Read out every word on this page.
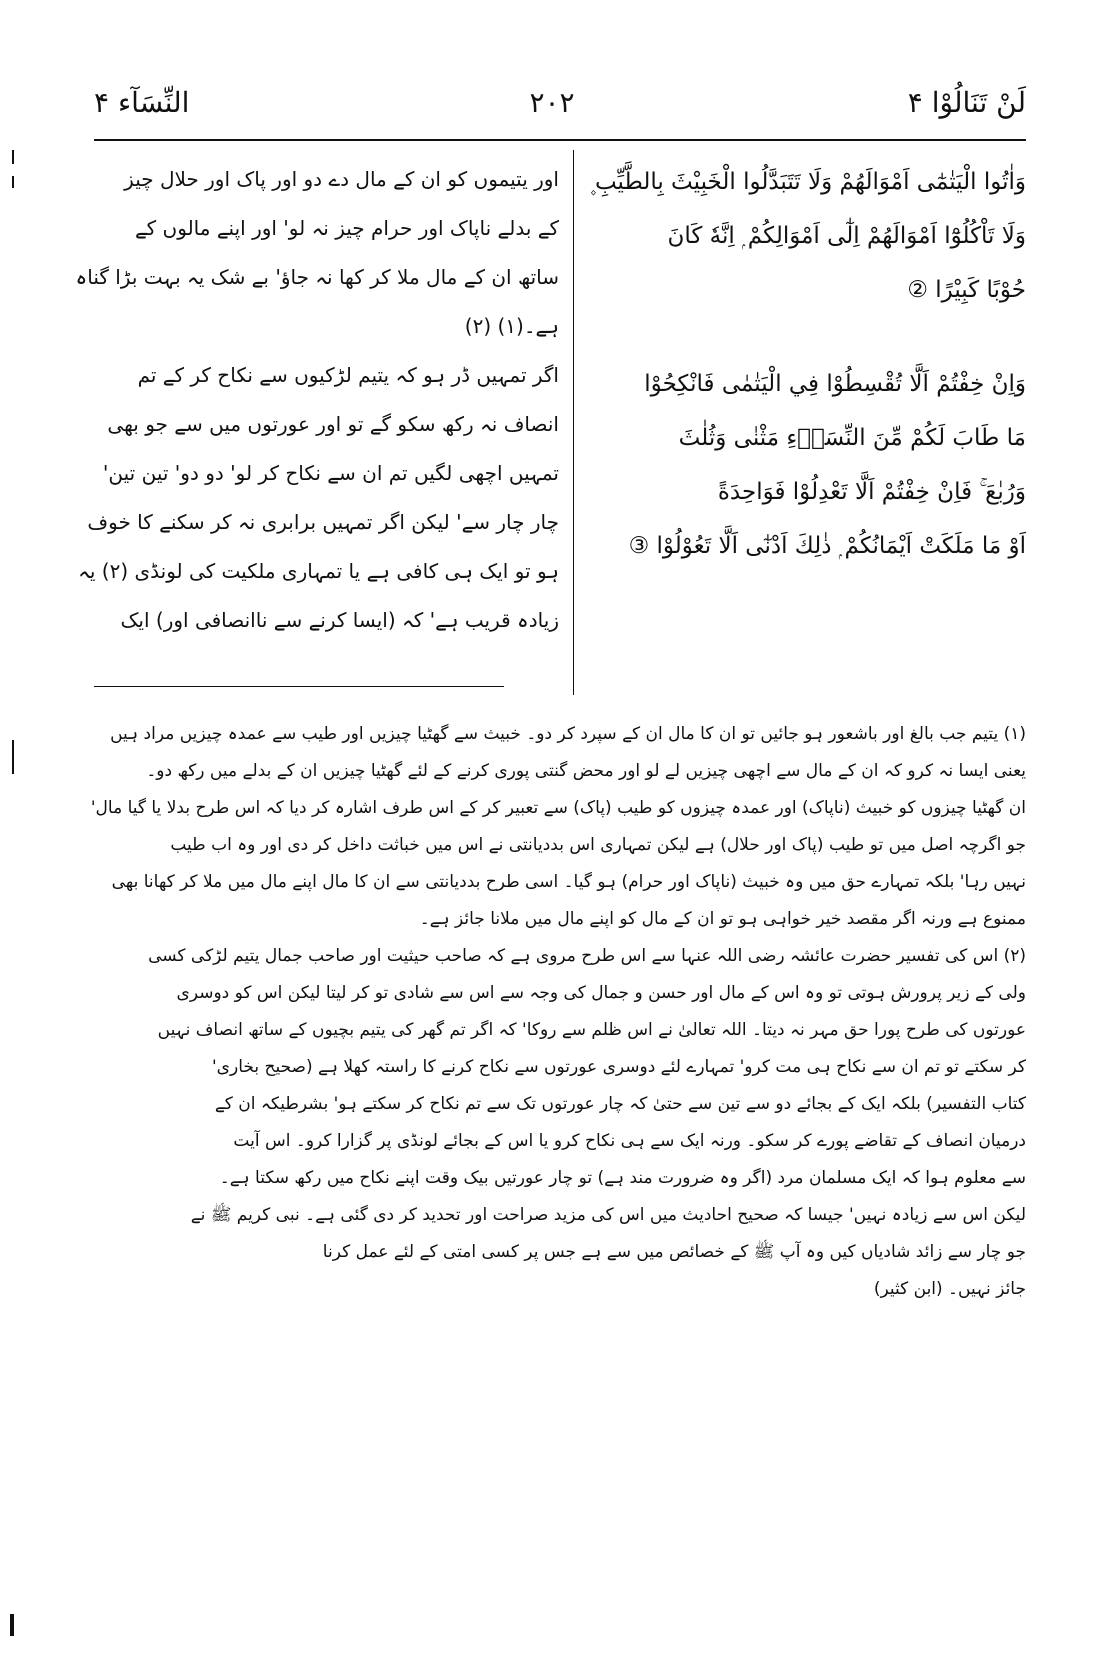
النِّسَآء ۴	۲۰۲	لَنْ تَنَالُوْا ۴
وَاٰتُوا الْيَتٰمٰٓى اَمْوَالَهُمْ وَلَا تَتَبَدَّلُوا الْخَبِيْثَ بِالطَّيِّبِ ۪
وَلَا تَاْكُلُوْٓا اَمْوَالَهُمْ اِلٰٓى اَمْوَالِكُمْ ۭ اِنَّهٗ كَانَ
حُوْبًا كَبِيْرًا ②
وَاِنْ خِفْتُمْ اَلَّا تُقْسِطُوْا فِي الْيَتٰمٰى فَانْكِحُوْا
مَا طَابَ لَكُمْ مِّنَ النِّسَاۗءِ مَثْنٰى وَثُلٰثَ
وَرُبٰعَ ۚ فَاِنْ خِفْتُمْ اَلَّا تَعْدِلُوْا فَوَاحِدَةً
اَوْ مَا مَلَكَتْ اَيْمَانُكُمْ ۭ ذٰلِكَ اَدْنٰٓى اَلَّا تَعُوْلُوْا ③
اور یتیموں کو ان کے مال دے دو اور پاک اور حلال چیز
کے بدلے ناپاک اور حرام چیز نہ لو' اور اپنے مالوں کے
ساتھ ان کے مال ملا کر کھا نہ جاؤ' بے شک یہ بہت بڑا گناہ
ہے۔(۱) (۲)
اگر تمہیں ڈر ہو کہ یتیم لڑکیوں سے نکاح کر کے تم
انصاف نہ رکھ سکو گے تو اور عورتوں میں سے جو بھی
تمہیں اچھی لگیں تم ان سے نکاح کر لو' دو دو' تین تین'
چار چار سے' لیکن اگر تمہیں برابری نہ کر سکنے کا خوف
ہو تو ایک ہی کافی ہے یا تمہاری ملکیت کی لونڈی (۲) یہ
زیادہ قریب ہے' کہ (ایسا کرنے سے ناانصافی اور) ایک
(۱) یتیم جب بالغ اور باشعور ہو جائیں تو ان کا مال ان کے سپرد کر دو۔ خبیث سے گھٹیا چیزیں اور طیب سے عمدہ چیزیں مراد ہیں
یعنی ایسا نہ کرو کہ ان کے مال سے اچھی چیزیں لے لو اور محض گنتی پوری کرنے کے لئے گھٹیا چیزیں ان کے بدلے میں رکھ دو۔
ان گھٹیا چیزوں کو خبیث (ناپاک) اور عمدہ چیزوں کو طیب (پاک) سے تعبیر کر کے اس طرف اشارہ کر دیا کہ اس طرح بدلا یا گیا مال'
جو اگرچہ اصل میں تو طیب (پاک اور حلال) ہے لیکن تمہاری اس بددیانتی نے اس میں خباثت داخل کر دی اور وہ اب طیب
نہیں رہا' بلکہ تمہارے حق میں وہ خبیث (ناپاک اور حرام) ہو گیا۔ اسی طرح بددیانتی سے ان کا مال اپنے مال میں ملا کر کھانا بھی
ممنوع ہے ورنہ اگر مقصد خیر خواہی ہو تو ان کے مال کو اپنے مال میں ملانا جائز ہے۔
(۲) اس کی تفسیر حضرت عائشہ رضی اللہ عنہا سے اس طرح مروی ہے کہ صاحب حیثیت اور صاحب جمال یتیم لڑکی کسی
ولی کے زیر پرورش ہوتی تو وہ اس کے مال اور حسن و جمال کی وجہ سے اس سے شادی تو کر لیتا لیکن اس کو دوسری
عورتوں کی طرح پورا حق مہر نہ دیتا۔ اللہ تعالیٰ نے اس ظلم سے روکا' کہ اگر تم گھر کی یتیم بچیوں کے ساتھ انصاف نہیں
کر سکتے تو تم ان سے نکاح ہی مت کرو' تمہارے لئے دوسری عورتوں سے نکاح کرنے کا راستہ کھلا ہے (صحیح بخاری'
کتاب التفسیر) بلکہ ایک کے بجائے دو سے تین سے حتیٰ کہ چار عورتوں تک سے تم نکاح کر سکتے ہو' بشرطیکہ ان کے
درمیان انصاف کے تقاضے پورے کر سکو۔ ورنہ ایک سے ہی نکاح کرو یا اس کے بجائے لونڈی پر گزارا کرو۔ اس آیت
سے معلوم ہوا کہ ایک مسلمان مرد (اگر وہ ضرورت مند ہے) تو چار عورتیں بیک وقت اپنے نکاح میں رکھ سکتا ہے۔
لیکن اس سے زیادہ نہیں' جیسا کہ صحیح احادیث میں اس کی مزید صراحت اور تحدید کر دی گئی ہے۔ نبی کریم ﷺ نے
جو چار سے زائد شادیاں کیں وہ آپ ﷺ کے خصائص میں سے ہے جس پر کسی امتی کے لئے عمل کرنا
جائز نہیں۔ (ابن کثیر)
